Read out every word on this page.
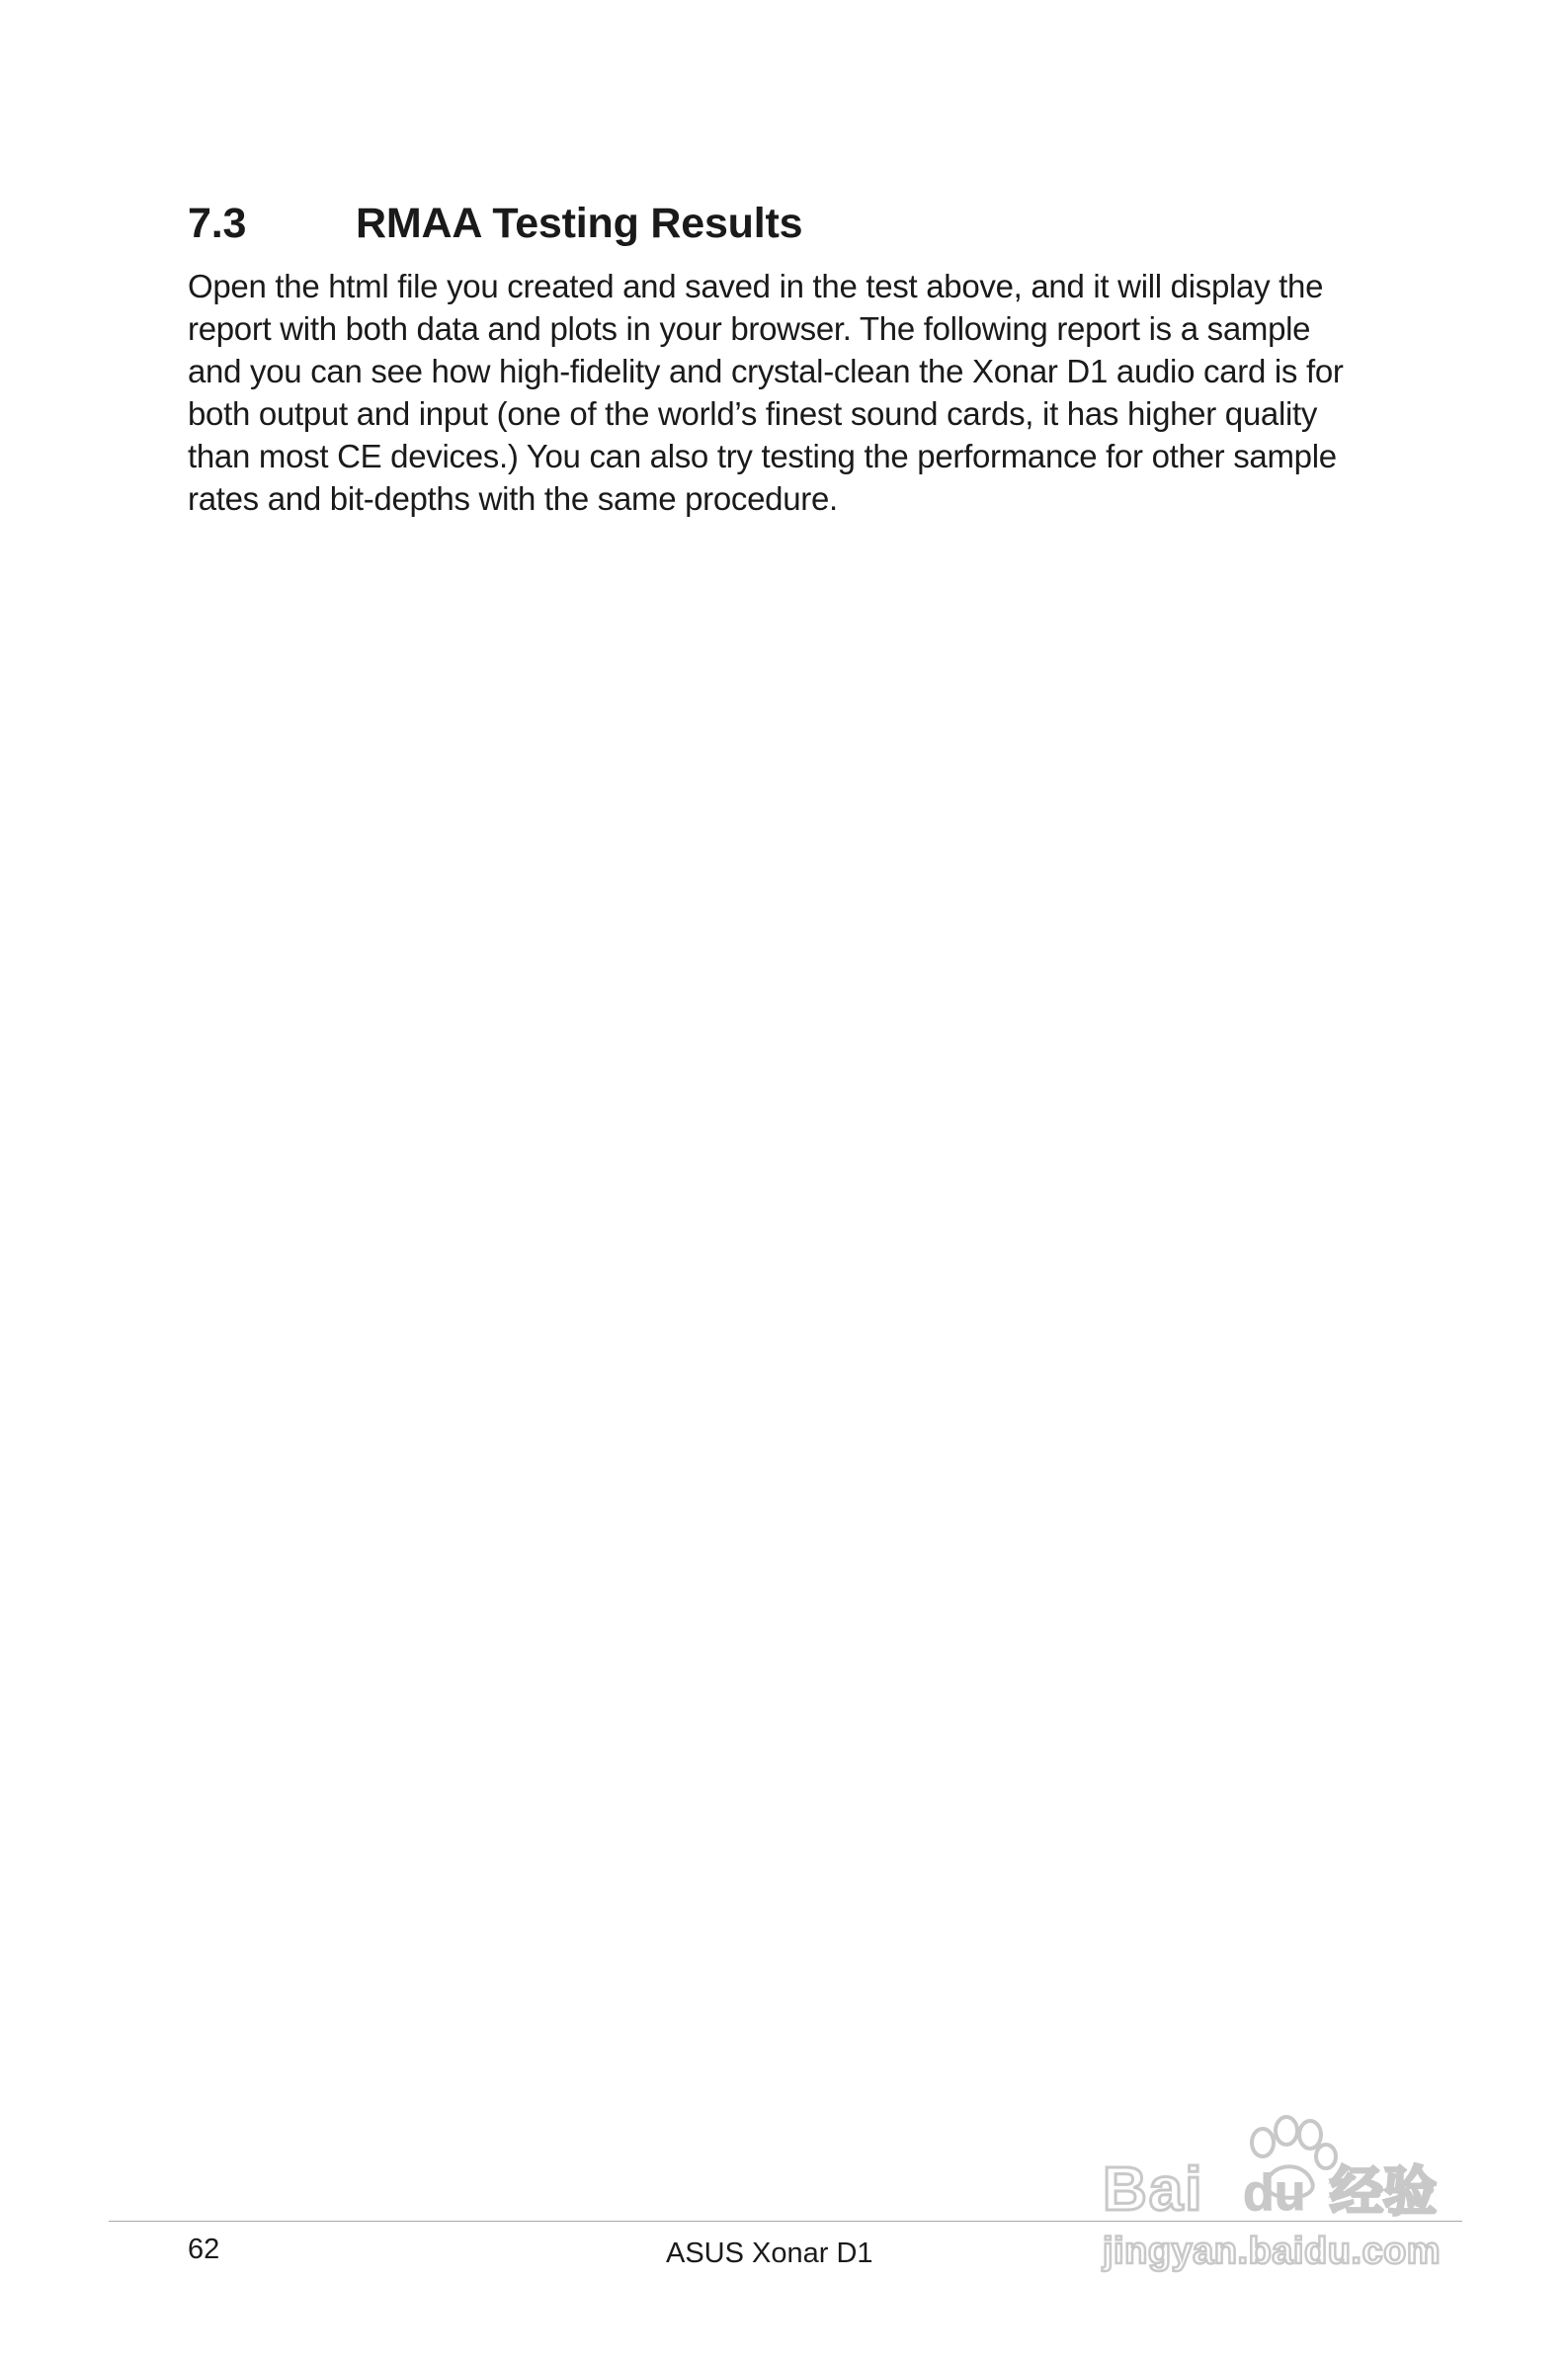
7.3	RMAA Testing Results
Open the html file you created and saved in the test above, and it will display the
report with both data and plots in your browser. The following report is a sample
and you can see how high-fidelity and crystal-clean the Xonar D1 audio card is for
both output and input (one of the world’s finest sound cards, it has higher quality
than most CE devices.) You can also try testing the performance for other sample
rates and bit-depths with the same procedure.
62	ASUS Xonar D1
Bai du 经验
jingyan.baidu.com
